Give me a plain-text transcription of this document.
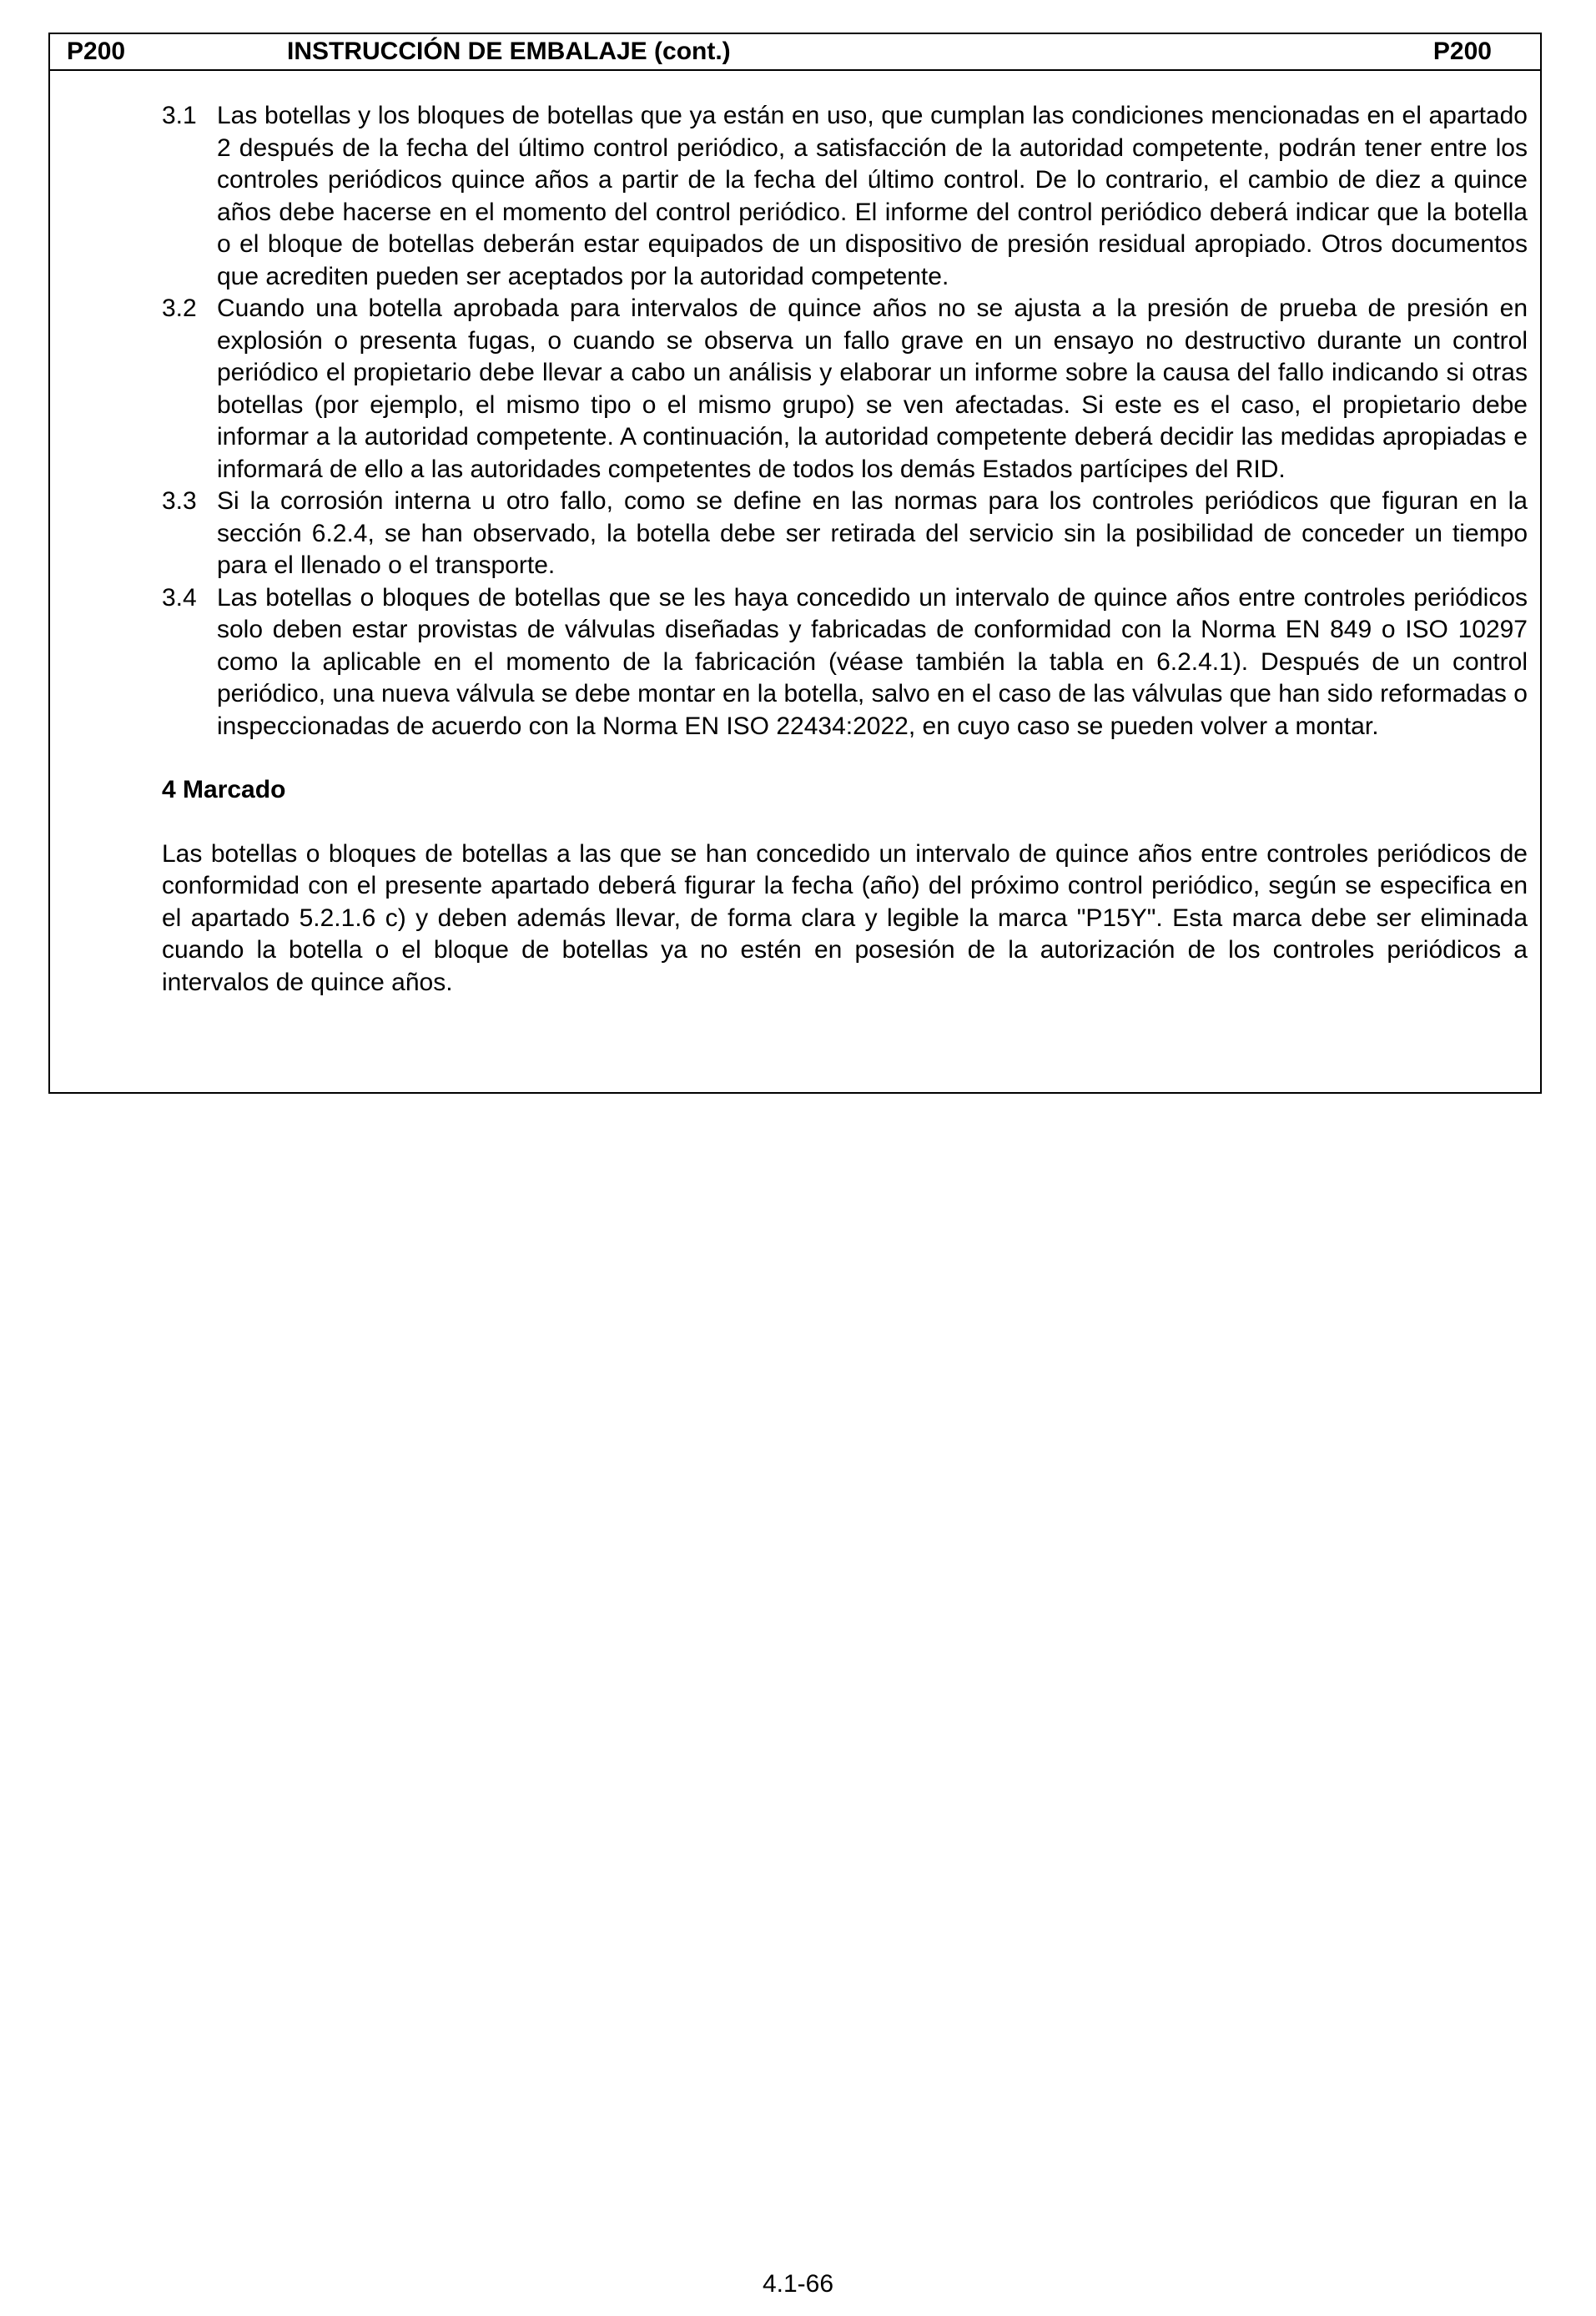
P200	INSTRUCCIÓN DE EMBALAJE (cont.)	P200
3.1 Las botellas y los bloques de botellas que ya están en uso, que cumplan las condiciones mencionadas en el apartado 2 después de la fecha del último control periódico, a satisfacción de la autoridad competente, podrán tener entre los controles periódicos quince años a partir de la fecha del último control. De lo contrario, el cambio de diez a quince años debe hacerse en el momento del control periódico. El informe del control periódico deberá indicar que la botella o el bloque de botellas deberán estar equipados de un dispositivo de presión residual apropiado. Otros documentos que acrediten pueden ser aceptados por la autoridad competente.
3.2 Cuando una botella aprobada para intervalos de quince años no se ajusta a la presión de prueba de presión en explosión o presenta fugas, o cuando se observa un fallo grave en un ensayo no destructivo durante un control periódico el propietario debe llevar a cabo un análisis y elaborar un informe sobre la causa del fallo indicando si otras botellas (por ejemplo, el mismo tipo o el mismo grupo) se ven afectadas. Si este es el caso, el propietario debe informar a la autoridad competente. A continuación, la autoridad competente deberá decidir las medidas apropiadas e informará de ello a las autoridades competentes de todos los demás Estados partícipes del RID.
3.3 Si la corrosión interna u otro fallo, como se define en las normas para los controles periódicos que figuran en la sección 6.2.4, se han observado, la botella debe ser retirada del servicio sin la posibilidad de conceder un tiempo para el llenado o el transporte.
3.4 Las botellas o bloques de botellas que se les haya concedido un intervalo de quince años entre controles periódicos solo deben estar provistas de válvulas diseñadas y fabricadas de conformidad con la Norma EN 849 o ISO 10297 como la aplicable en el momento de la fabricación (véase también la tabla en 6.2.4.1). Después de un control periódico, una nueva válvula se debe montar en la botella, salvo en el caso de las válvulas que han sido reformadas o inspeccionadas de acuerdo con la Norma EN ISO 22434:2022, en cuyo caso se pueden volver a montar.
4 Marcado
Las botellas o bloques de botellas a las que se han concedido un intervalo de quince años entre controles periódicos de conformidad con el presente apartado deberá figurar la fecha (año) del próximo control periódico, según se especifica en el apartado 5.2.1.6 c) y deben además llevar, de forma clara y legible la marca "P15Y". Esta marca debe ser eliminada cuando la botella o el bloque de botellas ya no estén en posesión de la autorización de los controles periódicos a intervalos de quince años.
4.1-66
